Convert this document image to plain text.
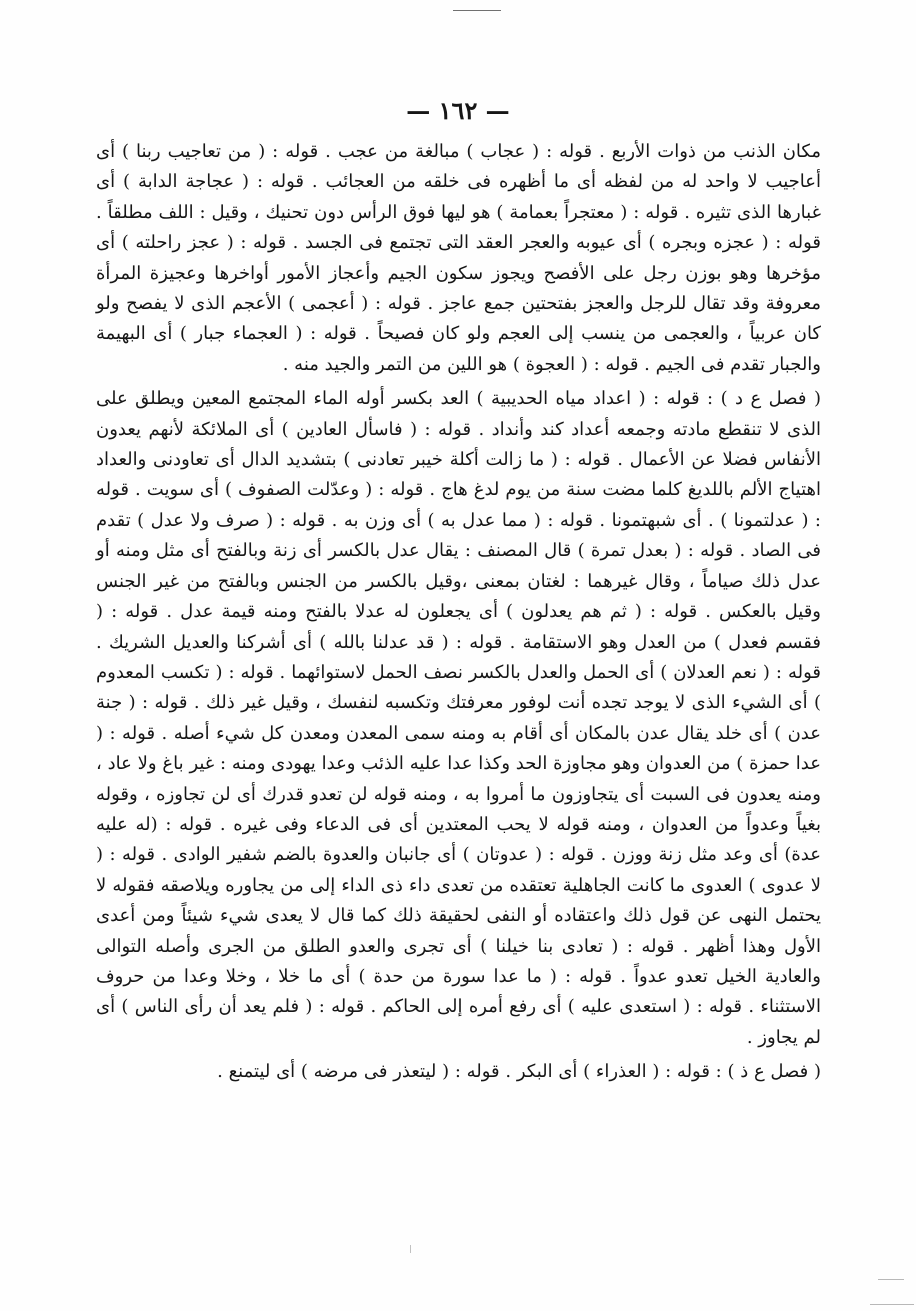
— ١٦٢ —

مكان الذنب من ذوات الأربع . قوله : ( عجاب ) مبالغة من عجب . قوله : ( من تعاجيب ربنا ) أى أعاجيب لا واحد له من لفظه أى ما أظهره فى خلقه من العجائب . قوله : ( عجاجة الدابة ) أى غبارها الذى تثيره . قوله : ( معتجراً بعمامة ) هو ليها فوق الرأس دون تحنيك ، وقيل : اللف مطلقاً . قوله : ( عجزه وبجره ) أى عيوبه والعجر العقد التى تجتمع فى الجسد . قوله : ( عجز راحلته ) أى مؤخرها وهو بوزن رجل على الأفصح ويجوز سكون الجيم وأعجاز الأمور أواخرها وعجيزة المرأة معروفة وقد تقال للرجل والعجز بفتحتين جمع عاجز . قوله : ( أعجمى ) الأعجم الذى لا يفصح ولو كان عربياً ، والعجمى من ينسب إلى العجم ولو كان فصيحاً . قوله : ( العجماء جبار ) أى البهيمة والجبار تقدم فى الجيم . قوله : ( العجوة ) هو اللين من التمر والجيد منه .

( فصل ع د ) : قوله : ( اعداد مياه الحديبية ) العد بكسر أوله الماء المجتمع المعين ويطلق على الذى لا تنقطع مادته وجمعه أعداد كند وأنداد . قوله : ( فاسأل العادين ) أى الملائكة لأنهم يعدون الأنفاس فضلا عن الأعمال . قوله : ( ما زالت أكلة خيبر تعادنى ) بتشديد الدال أى تعاودنى والعداد اهتياج الألم باللديغ كلما مضت سنة من يوم لدغ هاج . قوله : ( وعدّلت الصفوف ) أى سويت . قوله : ( عدلتمونا ) . أى شبهتمونا . قوله : ( مما عدل به ) أى وزن به . قوله : ( صرف ولا عدل ) تقدم فى الصاد . قوله : ( بعدل تمرة ) قال المصنف : يقال عدل بالكسر أى زنة وبالفتح أى مثل ومنه أو عدل ذلك صياماً ، وقال غيرهما : لغتان بمعنى ،وقيل بالكسر من الجنس وبالفتح من غير الجنس وقيل بالعكس . قوله : ( ثم هم يعدلون ) أى يجعلون له عدلا بالفتح ومنه قيمة عدل . قوله : ( فقسم فعدل ) من العدل وهو الاستقامة . قوله : ( قد عدلنا بالله ) أى أشركنا والعديل الشريك . قوله : ( نعم العدلان ) أى الحمل والعدل بالكسر نصف الحمل لاستوائهما . قوله : ( تكسب المعدوم ) أى الشيء الذى لا يوجد تجده أنت لوفور معرفتك وتكسبه لنفسك ، وقيل غير ذلك . قوله : ( جنة عدن ) أى خلد يقال عدن بالمكان أى أقام به ومنه سمى المعدن ومعدن كل شيء أصله . قوله : ( عدا حمزة ) من العدوان وهو مجاوزة الحد وكذا عدا عليه الذئب وعدا يهودى ومنه : غير باغ ولا عاد ، ومنه يعدون فى السبت أى يتجاوزون ما أمروا به ، ومنه قوله لن تعدو قدرك أى لن تجاوزه ، وقوله بغياً وعدواً من العدوان ، ومنه قوله لا يحب المعتدين أى فى الدعاء وفى غيره . قوله : (له عليه عدة) أى وعد مثل زنة ووزن . قوله : ( عدوتان ) أى جانبان والعدوة بالضم شفير الوادى . قوله : ( لا عدوى ) العدوى ما كانت الجاهلية تعتقده من تعدى داء ذى الداء إلى من يجاوره ويلاصقه فقوله لا يحتمل النهى عن قول ذلك واعتقاده أو النفى لحقيقة ذلك كما قال لا يعدى شيء شيئاً ومن أعدى الأول وهذا أظهر . قوله : ( تعادى بنا خيلنا ) أى تجرى والعدو الطلق من الجرى وأصله التوالى والعادية الخيل تعدو عدواً . قوله : ( ما عدا سورة من حدة ) أى ما خلا ، وخلا وعدا من حروف الاستثناء . قوله : ( استعدى عليه ) أى رفع أمره إلى الحاكم . قوله : ( فلم يعد أن رأى الناس ) أى لم يجاوز .

( فصل ع ذ ) : قوله : ( العذراء ) أى البكر . قوله : ( ليتعذر فى مرضه ) أى ليتمنع .
